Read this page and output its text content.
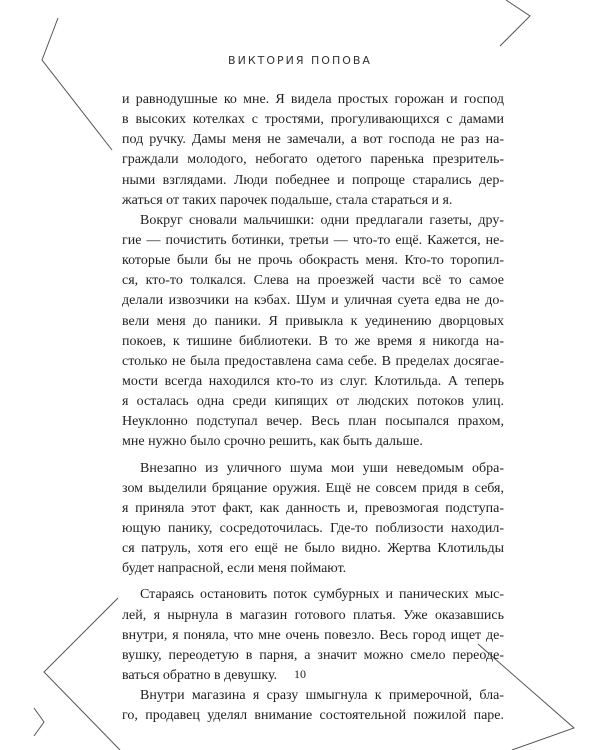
ВИКТОРИЯ ПОПОВА
и равнодушные ко мне. Я видела простых горожан и господ
в высоких котелках с тростями, прогуливающихся с дамами
под ручку. Дамы меня не замечали, а вот господа не раз на-
граждали молодого, небогато одетого паренька презритель-
ными взглядами. Люди победнее и попроще старались дер-
жаться от таких парочек подальше, стала стараться и я.
Вокруг сновали мальчишки: одни предлагали газеты, дру-
гие — почистить ботинки, третьи — что-то ещё. Кажется, не-
которые были бы не прочь обокрасть меня. Кто-то торопил-
ся, кто-то толкался. Слева на проезжей части всё то самое
делали извозчики на кэбах. Шум и уличная суета едва не до-
вели меня до паники. Я привыкла к уединению дворцовых
покоев, к тишине библиотеки. В то же время я никогда на-
столько не была предоставлена сама себе. В пределах досягае-
мости всегда находился кто-то из слуг. Клотильда. А теперь
я осталась одна среди кипящих от людских потоков улиц.
Неуклонно подступал вечер. Весь план посыпался прахом,
мне нужно было срочно решить, как быть дальше.
Внезапно из уличного шума мои уши неведомым обра-
зом выделили бряцание оружия. Ещё не совсем придя в себя,
я приняла этот факт, как данность и, превозмогая подступа-
ющую панику, сосредоточилась. Где-то поблизости находил-
ся патруль, хотя его ещё не было видно. Жертва Клотильды
будет напрасной, если меня поймают.
Стараясь остановить поток сумбурных и панических мыс-
лей, я нырнула в магазин готового платья. Уже оказавшись
внутри, я поняла, что мне очень повезло. Весь город ищет де-
вушку, переодетую в парня, а значит можно смело переоде-
ваться обратно в девушку.
Внутри магазина я сразу шмыгнула к примерочной, бла-
го, продавец уделял внимание состоятельной пожилой паре.
10
